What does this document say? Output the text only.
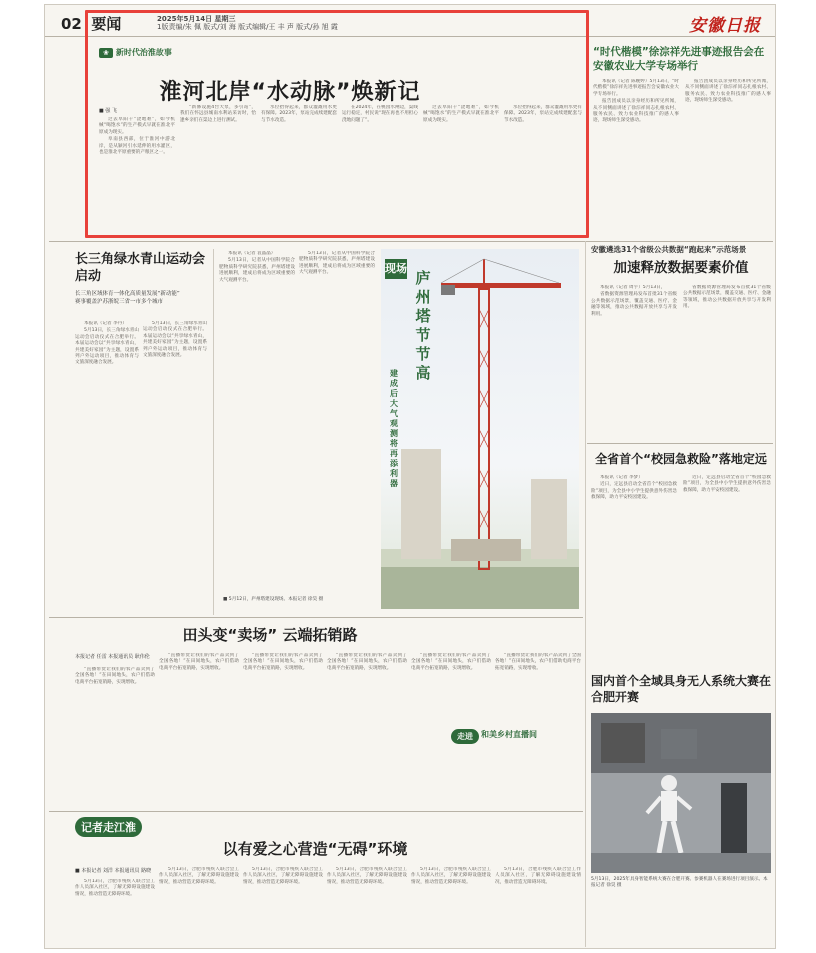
02 | 要闻	2025年5月14日 星期三
1版责编/朱 佩 版式/刘 海 版式编辑/王 丰 声 版式/孙 旭 霞	安徽日报
❀ 新时代治淮故事
淮河北岸“水动脉”焕新记
■ 强 飞

过去阜阳干“浇地难”，如今机械“喝饱水”的生产模式早就在淮北平原成为现实。

阜南县西部，位于淮河中游北岸，是从颍河引水延伸的用水灌区，也是淮北平原重要的产粮区之一。

“新修设施4台大泵，多引站”，我们在怀远县城南水利站采访时，恰逢乡亲们在渠边上进行测试。

水位抬得起来，群众灌溉用水更有保障。2023年，泵站完成续建配套与节水改造。

在2024年，在桃园水闸边，渠线运行稳定，村民说“现在再也不用担心浇地问题了”。

过去阜阳干“浇地难”，如今机械“喝饱水”的生产模式早就在淮北平原成为现实。

水位抬得起来，群众灌溉用水更有保障。2023年，泵站完成续建配套与节水改造。

“时代楷模”徐淙祥先进事迹报告会在安徽农业大学专场举行

本报讯（记者 陈婉婷）5月13日，“时代楷模”徐淙祥先进事迹报告会安徽农业大学专场举行。

报告团成员以亲身经历和所见所闻，从不同侧面讲述了徐淙祥同志扎根农村、服务农民、致力农业科技推广的感人事迹，现场师生深受感动。

报告团成员以亲身经历和所见所闻，从不同侧面讲述了徐淙祥同志扎根农村、服务农民、致力农业科技推广的感人事迹，现场师生深受感动。

长三角绿水青山运动会启动
长三角区域体育一体化高质量发展“新动能”
赛事覆盖沪苏浙皖三省一市多个城市

本报讯（记者 李丹）

5月13日，长三角绿水青山运动会启动仪式在合肥举行。本届运动会以“共享绿水青山，共建美好家园”为主题，设置系列户外运动项目，推动体育与文旅深度融合发展。

5月13日，长三角绿水青山运动会启动仪式在合肥举行。本届运动会以“共享绿水青山，共建美好家园”为主题，设置系列户外运动项目，推动体育与文旅深度融合发展。

本报讯（记者 袁晶晶）

5月13日，记者从中国科学院合肥物质科学研究院获悉，庐州塔建设进展顺利，建成后将成为区域重要的大气观测平台。

5月13日，记者从中国科学院合肥物质科学研究院获悉，庐州塔建设进展顺利，建成后将成为区域重要的大气观测平台。

■ 5月12日，庐州塔建设现场。本报记者 徐昊 摄
现场
庐州塔节节高
建成后大气观测将再添利器
安徽遴选31个省级公共数据“跑起来”示范场景
加速释放数据要素价值

本报讯（记者 周宇）5月13日，

省数据资源管理局发布首批31个省级公共数据示范场景，覆盖交通、医疗、金融等领域，推动公共数据开放共享与开发利用。

省数据资源管理局发布首批31个省级公共数据示范场景，覆盖交通、医疗、金融等领域，推动公共数据开放共享与开发利用。

全省首个“校园急救险”落地定远

本报讯（记者 李梦）

近日，定远县启动全省首个“校园急救险”项目，为全县中小学生提供意外伤害急救保障，助力平安校园建设。

近日，定远县启动全省首个“校园急救险”项目，为全县中小学生提供意外伤害急救保障，助力平安校园建设。

田头变“卖场” 云端拓销路
本报记者 任雷 本报通讯员 耿伟伦

“直播带货让我们的农产品卖到了全国各地！”在田间地头，农户们借助电商平台拓宽销路，实现增收。

“直播带货让我们的农产品卖到了全国各地！”在田间地头，农户们借助电商平台拓宽销路，实现增收。

“直播带货让我们的农产品卖到了全国各地！”在田间地头，农户们借助电商平台拓宽销路，实现增收。

“直播带货让我们的农产品卖到了全国各地！”在田间地头，农户们借助电商平台拓宽销路，实现增收。

“直播带货让我们的农产品卖到了全国各地！”在田间地头，农户们借助电商平台拓宽销路，实现增收。

“直播带货让我们的农产品卖到了全国各地！”在田间地头，农户们借助电商平台拓宽销路，实现增收。

走进	和美乡村直播间
国内首个全域具身无人系统大赛在合肥开赛
5月13日，2025年具身智能系统大赛在合肥开赛。参赛机器人在赛场进行项目演示。本报记者 徐昊 摄
记者走江淮
以有爱之心营造“无碍”环境
■ 本报记者 刘洋 本报通讯员 路晓

5月13日，合肥市残疾人联合会工作人员深入社区，了解无障碍设施建设情况，推动营造无障碍环境。

5月13日，合肥市残疾人联合会工作人员深入社区，了解无障碍设施建设情况，推动营造无障碍环境。

5月13日，合肥市残疾人联合会工作人员深入社区，了解无障碍设施建设情况，推动营造无障碍环境。

5月13日，合肥市残疾人联合会工作人员深入社区，了解无障碍设施建设情况，推动营造无障碍环境。

5月13日，合肥市残疾人联合会工作人员深入社区，了解无障碍设施建设情况，推动营造无障碍环境。

5月13日，合肥市残疾人联合会工作人员深入社区，了解无障碍设施建设情况，推动营造无障碍环境。
